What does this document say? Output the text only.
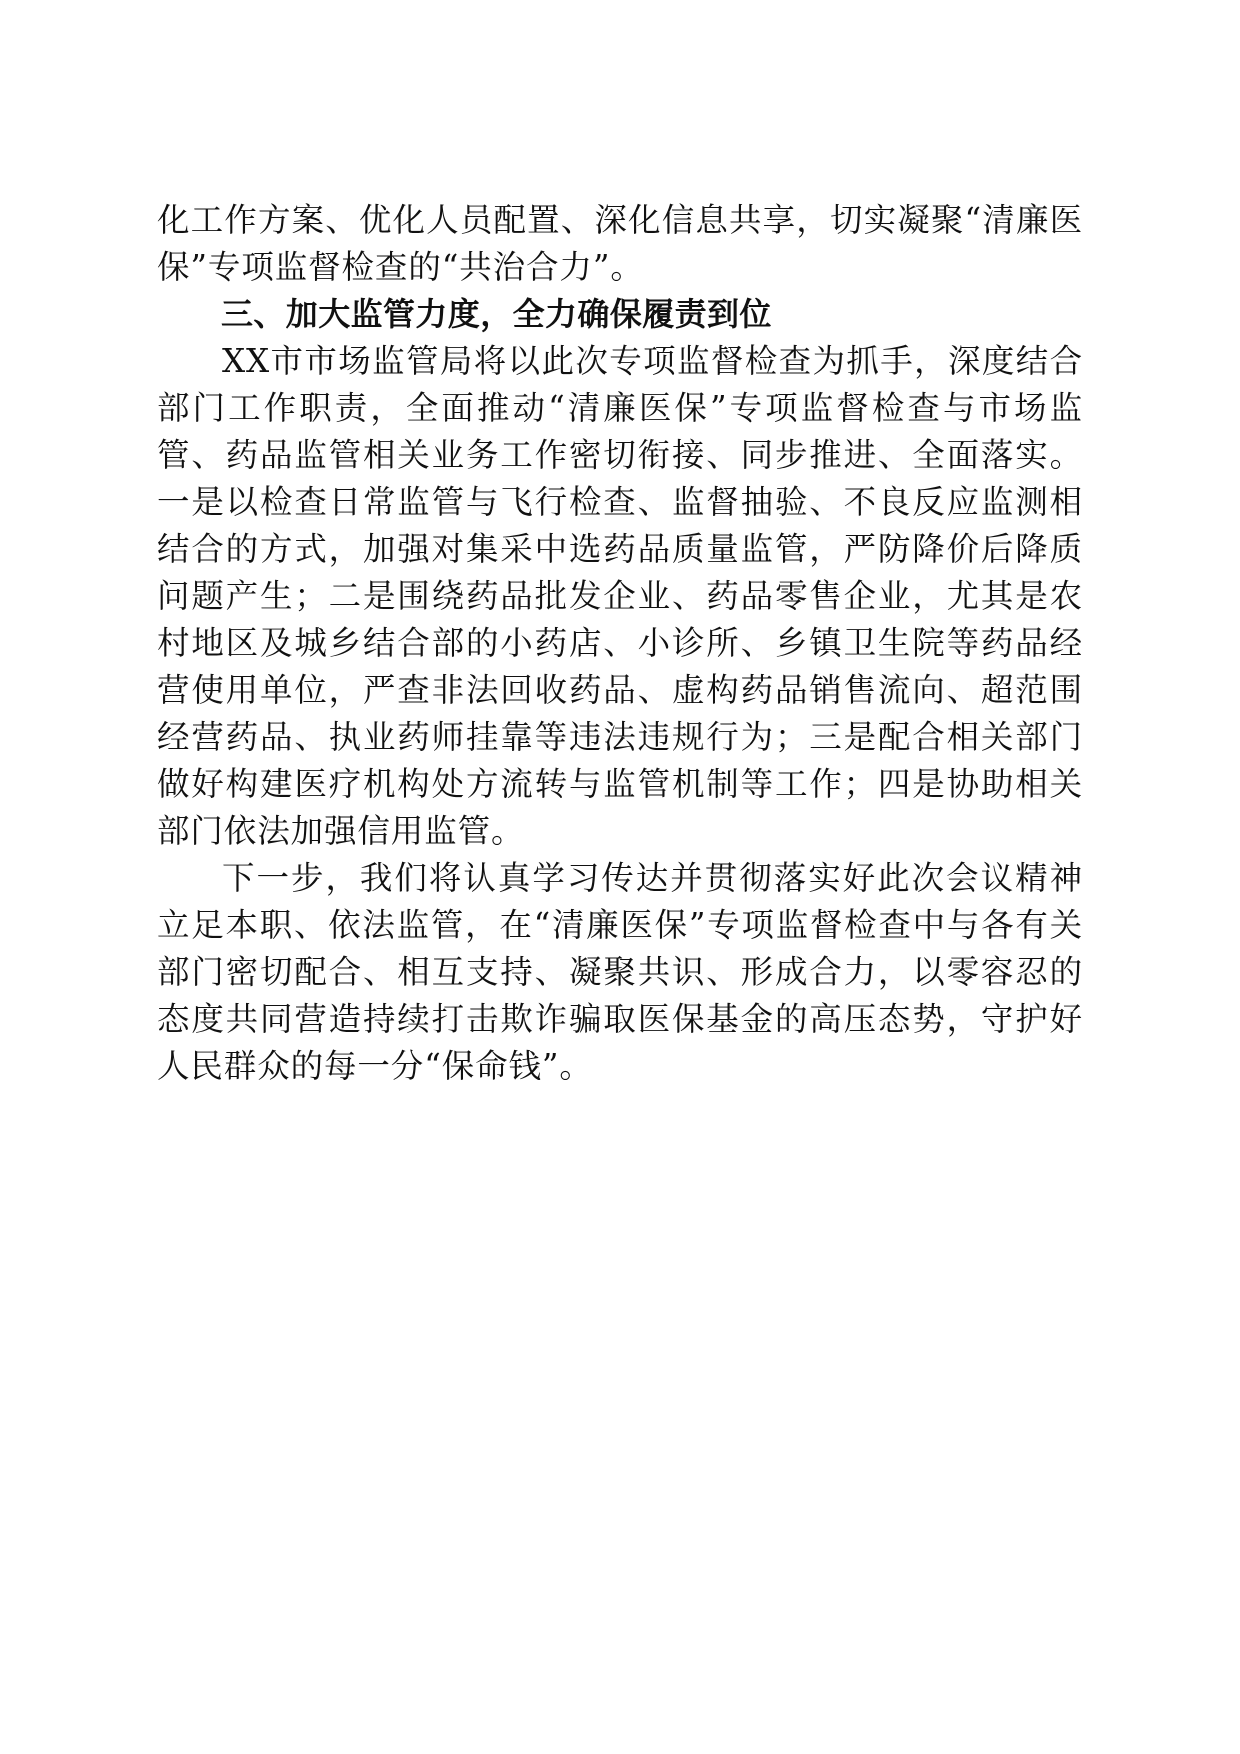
化工作方案、优化人员配置、深化信息共享，切实凝聚“清廉医保”专项监督检查的“共治合力”。

三、加大监管力度，全力确保履责到位

XX市市场监管局将以此次专项监督检查为抓手，深度结合部门工作职责，全面推动“清廉医保”专项监督检查与市场监管、药品监管相关业务工作密切衔接、同步推进、全面落实。一是以检查日常监管与飞行检查、监督抽验、不良反应监测相结合的方式，加强对集采中选药品质量监管，严防降价后降质问题产生；二是围绕药品批发企业、药品零售企业，尤其是农村地区及城乡结合部的小药店、小诊所、乡镇卫生院等药品经营使用单位，严查非法回收药品、虚构药品销售流向、超范围经营药品、执业药师挂靠等违法违规行为；三是配合相关部门做好构建医疗机构处方流转与监管机制等工作；四是协助相关部门依法加强信用监管。

下一步，我们将认真学习传达并贯彻落实好此次会议精神立足本职、依法监管，在“清廉医保”专项监督检查中与各有关部门密切配合、相互支持、凝聚共识、形成合力，以零容忍的态度共同营造持续打击欺诈骗取医保基金的高压态势，守护好人民群众的每一分“保命钱”。
